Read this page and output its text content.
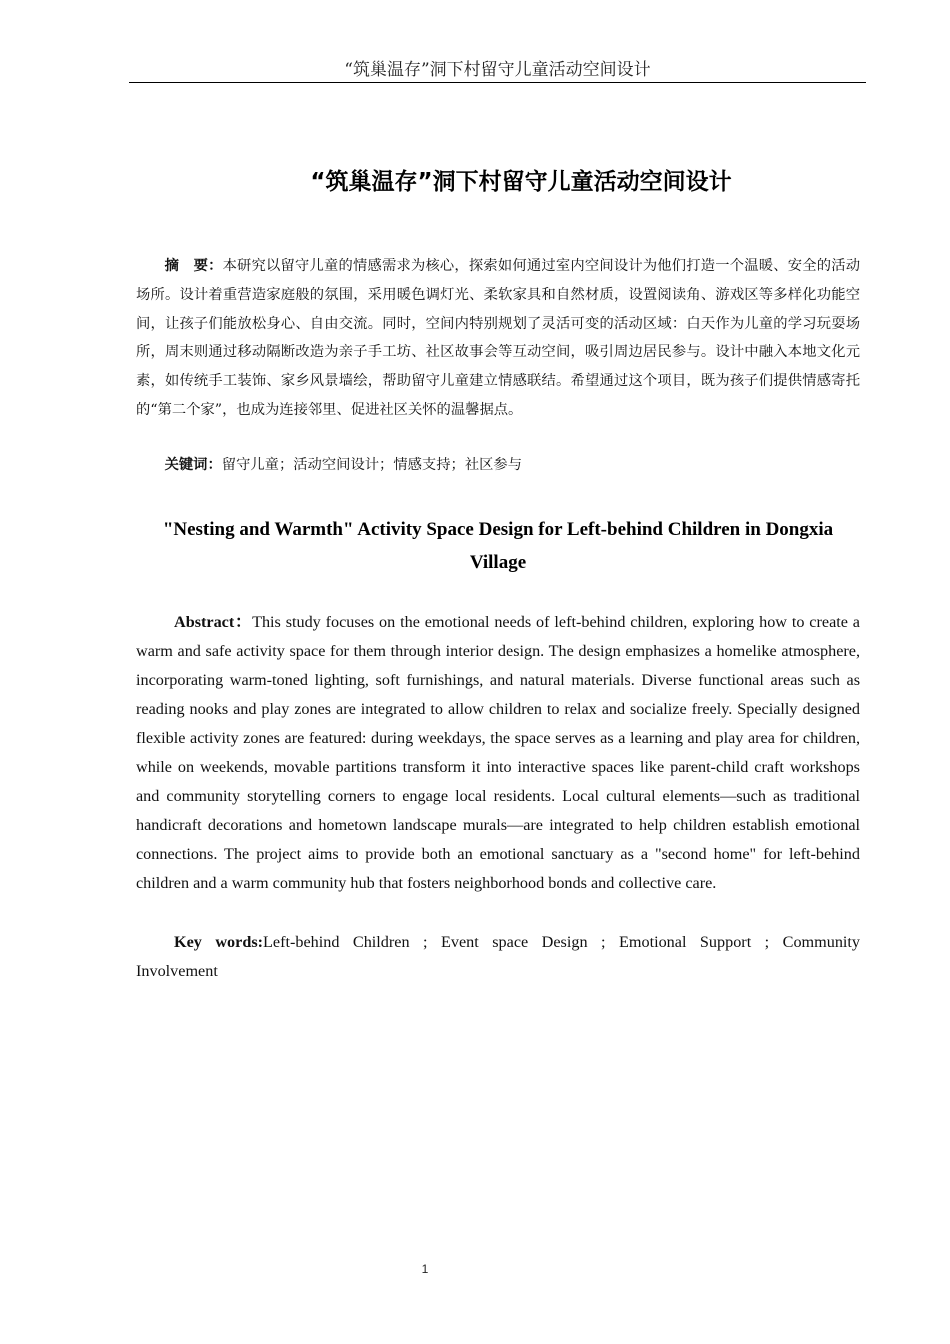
“筑巢温存”洞下村留守儿童活动空间设计
“筑巢温存”洞下村留守儿童活动空间设计

摘　要：本研究以留守儿童的情感需求为核心，探索如何通过室内空间设计为他们打造一个温暖、安全的活动场所。设计着重营造家庭般的氛围，采用暖色调灯光、柔软家具和自然材质，设置阅读角、游戏区等多样化功能空间，让孩子们能放松身心、自由交流。同时，空间内特别规划了灵活可变的活动区域：白天作为儿童的学习玩耍场所，周末则通过移动隔断改造为亲子手工坊、社区故事会等互动空间，吸引周边居民参与。设计中融入本地文化元素，如传统手工装饰、家乡风景墙绘，帮助留守儿童建立情感联结。希望通过这个项目，既为孩子们提供情感寄托的“第二个家”，也成为连接邻里、促进社区关怀的温馨据点。

关键词：留守儿童；活动空间设计；情感支持；社区参与

"Nesting and Warmth" Activity Space Design for Left-behind Children in Dongxia Village

Abstract：This study focuses on the emotional needs of left-behind children, exploring how to create a warm and safe activity space for them through interior design. The design emphasizes a homelike atmosphere, incorporating warm-toned lighting, soft furnishings, and natural materials. Diverse functional areas such as reading nooks and play zones are integrated to allow children to relax and socialize freely. Specially designed flexible activity zones are featured: during weekdays, the space serves as a learning and play area for children, while on weekends, movable partitions transform it into interactive spaces like parent-child craft workshops and community storytelling corners to engage local residents. Local cultural elements—such as traditional handicraft decorations and hometown landscape murals—are integrated to help children establish emotional connections. The project aims to provide both an emotional sanctuary as a "second home" for left-behind children and a warm community hub that fosters neighborhood bonds and collective care.

Key words:Left-behind Children ; Event space Design ; Emotional Support ; Community Involvement

1
